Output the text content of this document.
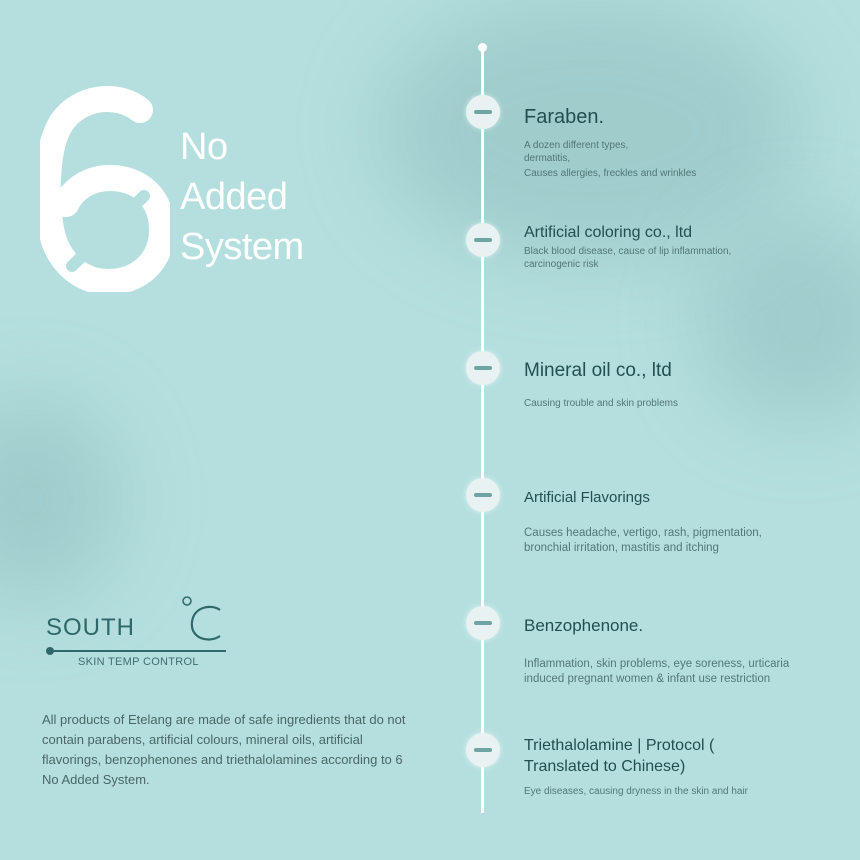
No
Added
System
SOUTH
SKIN TEMP CONTROL
All products of Etelang are made of safe ingredients that do not contain parabens, artificial colours, mineral oils, artificial flavorings, benzophenones and triethalolamines according to 6 No Added System.
Faraben.
A dozen different types,
dermatitis,
Causes allergies, freckles and wrinkles
Artificial coloring co., ltd
Black blood disease, cause of lip inflammation,
carcinogenic risk
Mineral oil co., ltd
Causing trouble and skin problems
Artificial Flavorings
Causes headache, vertigo, rash, pigmentation,
bronchial irritation, mastitis and itching
Benzophenone.
Inflammation, skin problems, eye soreness, urticaria
induced pregnant women & infant use restriction
Triethalolamine | Protocol ( Translated to Chinese)
Eye diseases, causing dryness in the skin and hair
